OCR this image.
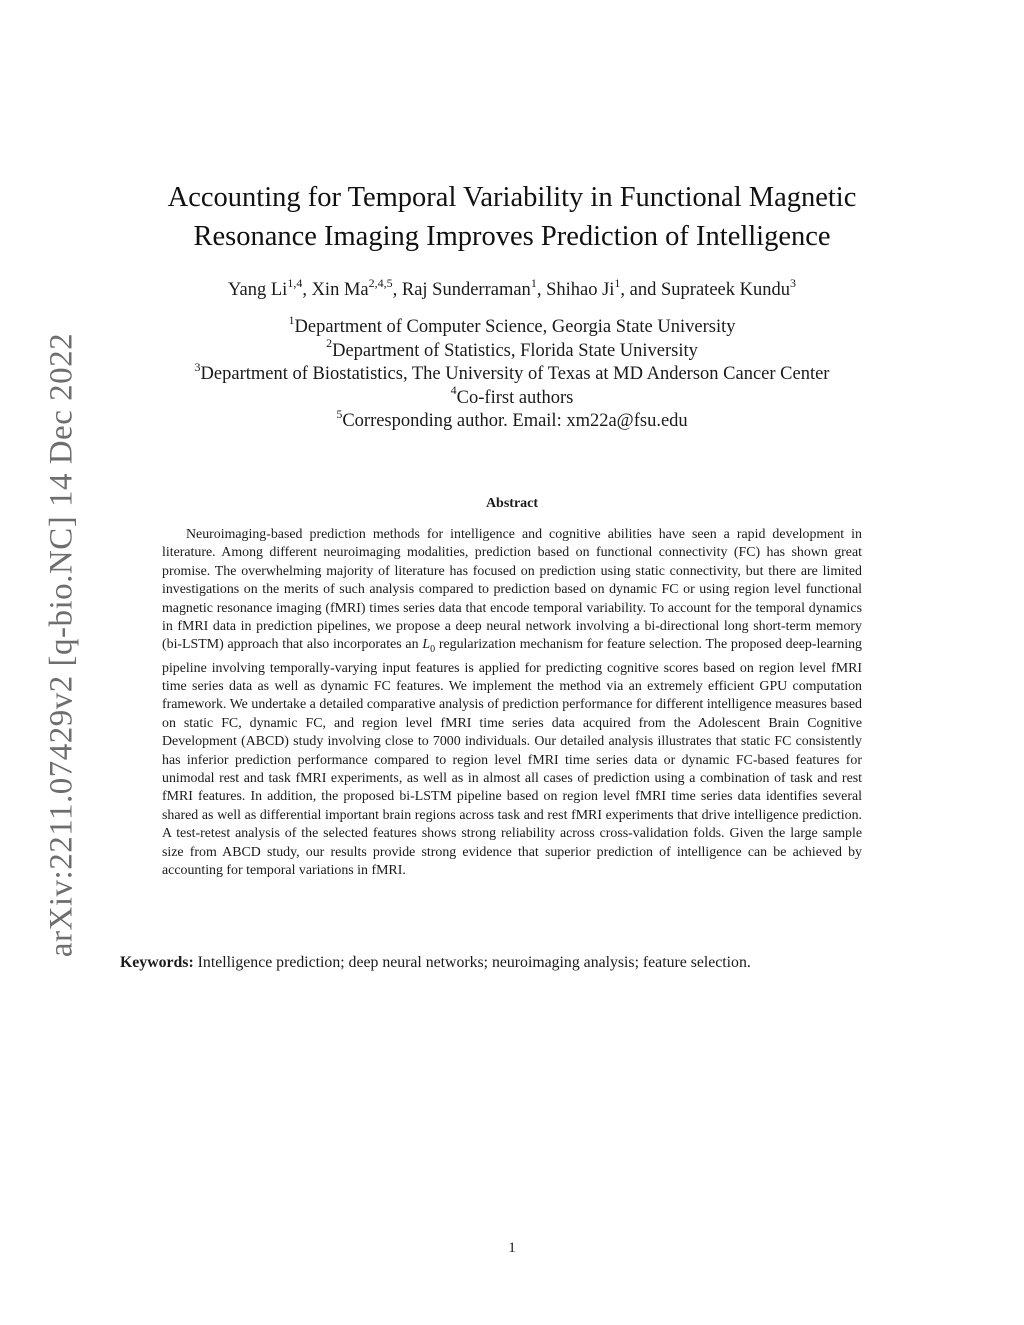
arXiv:2211.07429v2 [q-bio.NC] 14 Dec 2022
Accounting for Temporal Variability in Functional Magnetic
Resonance Imaging Improves Prediction of Intelligence
Yang Li$^{1,4}$, Xin Ma$^{2,4,5}$, Raj Sunderraman$^1$, Shihao Ji$^1$, and Suprateek Kundu$^3$
$^1$Department of Computer Science, Georgia State University
$^2$Department of Statistics, Florida State University
$^3$Department of Biostatistics, The University of Texas at MD Anderson Cancer Center
$^4$Co-first authors
$^5$Corresponding author. Email: xm22a@fsu.edu
Abstract
Neuroimaging-based prediction methods for intelligence and cognitive abilities have seen a rapid development in literature. Among different neuroimaging modalities, prediction based on functional connectivity (FC) has shown great promise. The overwhelming majority of literature has focused on prediction using static connectivity, but there are limited investigations on the merits of such analysis compared to prediction based on dynamic FC or using region level functional magnetic resonance imaging (fMRI) times series data that encode temporal variability. To account for the temporal dynamics in fMRI data in prediction pipelines, we propose a deep neural network involving a bi-directional long short-term memory (bi-LSTM) approach that also incorporates an $L_0$ regularization mechanism for feature selection. The proposed deep-learning pipeline involving temporally-varying input features is applied for predicting cognitive scores based on region level fMRI time series data as well as dynamic FC features. We implement the method via an extremely efficient GPU computation framework. We undertake a detailed comparative analysis of prediction performance for different intelligence measures based on static FC, dynamic FC, and region level fMRI time series data acquired from the Adolescent Brain Cognitive Development (ABCD) study involving close to 7000 individuals. Our detailed analysis illustrates that static FC consistently has inferior prediction performance compared to region level fMRI time series data or dynamic FC-based features for unimodal rest and task fMRI experiments, as well as in almost all cases of prediction using a combination of task and rest fMRI features. In addition, the proposed bi-LSTM pipeline based on region level fMRI time series data identifies several shared as well as differential important brain regions across task and rest fMRI experiments that drive intelligence prediction. A test-retest analysis of the selected features shows strong reliability across cross-validation folds. Given the large sample size from ABCD study, our results provide strong evidence that superior prediction of intelligence can be achieved by accounting for temporal variations in fMRI.
Keywords: Intelligence prediction; deep neural networks; neuroimaging analysis; feature selection.
1
